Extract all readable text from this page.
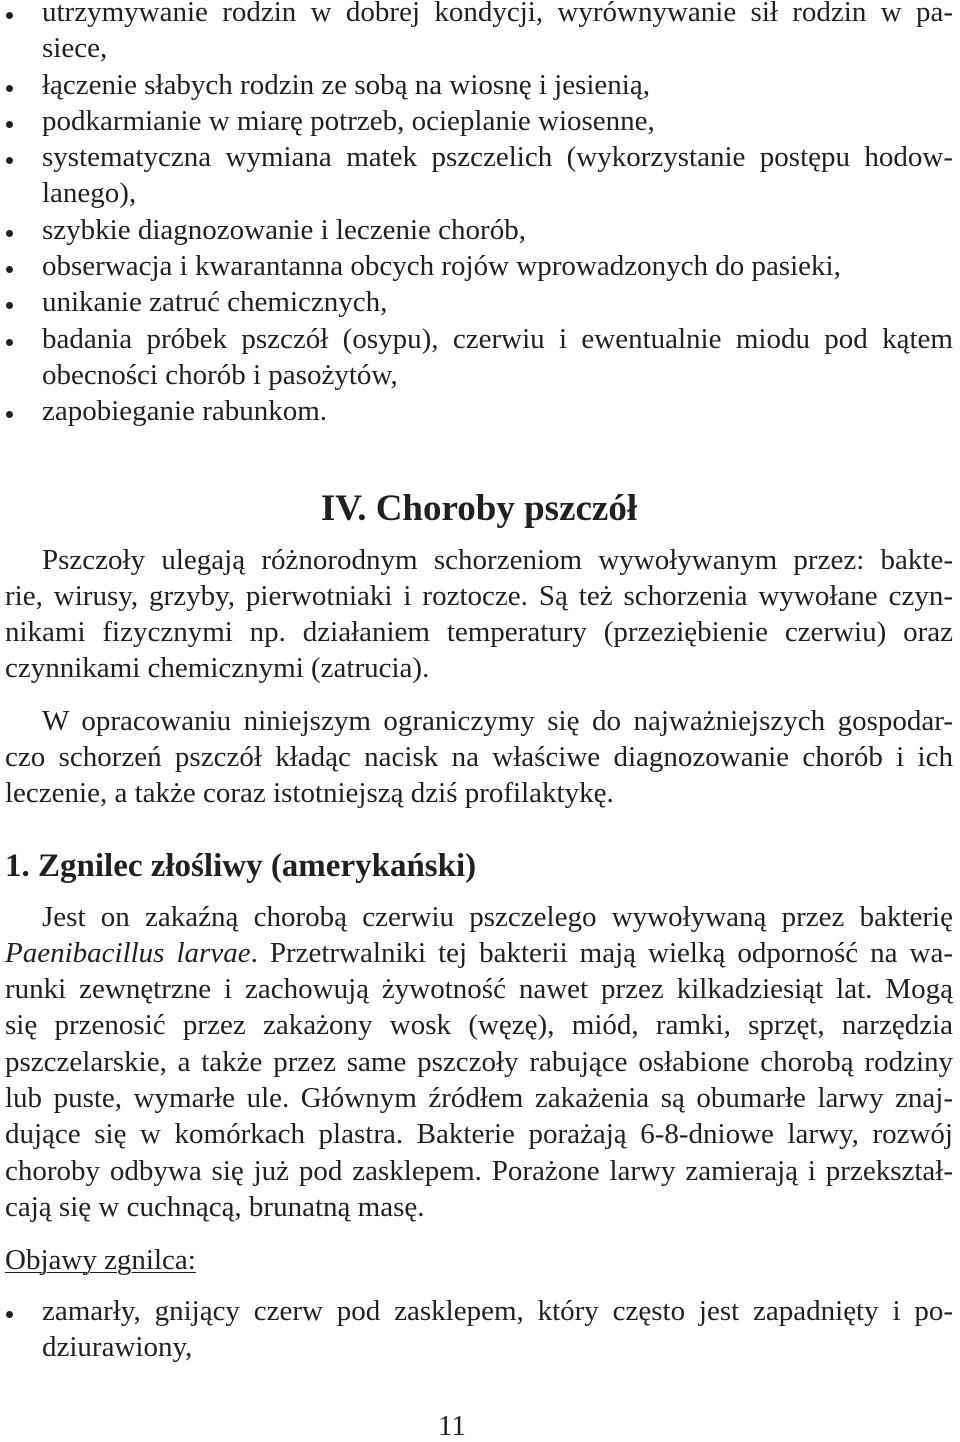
utrzymywanie rodzin w dobrej kondycji, wyrównywanie sił rodzin w pa-
siece,
łączenie słabych rodzin ze sobą na wiosnę i jesienią,
podkarmianie w miarę potrzeb, ocieplanie wiosenne,
systematyczna wymiana matek pszczelich (wykorzystanie postępu hodow-
lanego),
szybkie diagnozowanie i leczenie chorób,
obserwacja i kwarantanna obcych rojów wprowadzonych do pasieki,
unikanie zatruć chemicznych,
badania próbek pszczół (osypu), czerwiu i ewentualnie miodu pod kątem
obecności chorób i pasożytów,
zapobieganie rabunkom.
IV. Choroby pszczół
Pszczoły ulegają różnorodnym schorzeniom wywoływanym przez: bakte-
rie, wirusy, grzyby, pierwotniaki i roztocze. Są też schorzenia wywołane czyn-
nikami fizycznymi np. działaniem temperatury (przeziębienie czerwiu) oraz
czynnikami chemicznymi (zatrucia).
W opracowaniu niniejszym ograniczymy się do najważniejszych gospodar-
czo schorzeń pszczół kładąc nacisk na właściwe diagnozowanie chorób i ich
leczenie, a także coraz istotniejszą dziś profilaktykę.
1. Zgnilec złośliwy (amerykański)
Jest on zakaźną chorobą czerwiu pszczelego wywoływaną przez bakterię
Paenibacillus larvae. Przetrwalniki tej bakterii mają wielką odporność na wa-
runki zewnętrzne i zachowują żywotność nawet przez kilkadziesiąt lat. Mogą
się przenosić przez zakażony wosk (węzę), miód, ramki, sprzęt, narzędzia
pszczelarskie, a także przez same pszczoły rabujące osłabione chorobą rodziny
lub puste, wymarłe ule. Głównym źródłem zakażenia są obumarłe larwy znaj-
dujące się w komórkach plastra. Bakterie porażają 6-8-dniowe larwy, rozwój
choroby odbywa się już pod zasklepem. Porażone larwy zamierają i przekształ-
cają się w cuchnącą, brunatną masę.
Objawy zgnilca:
zamarły, gnijący czerw pod zasklepem, który często jest zapadnięty i po-
dziurawiony,
11
